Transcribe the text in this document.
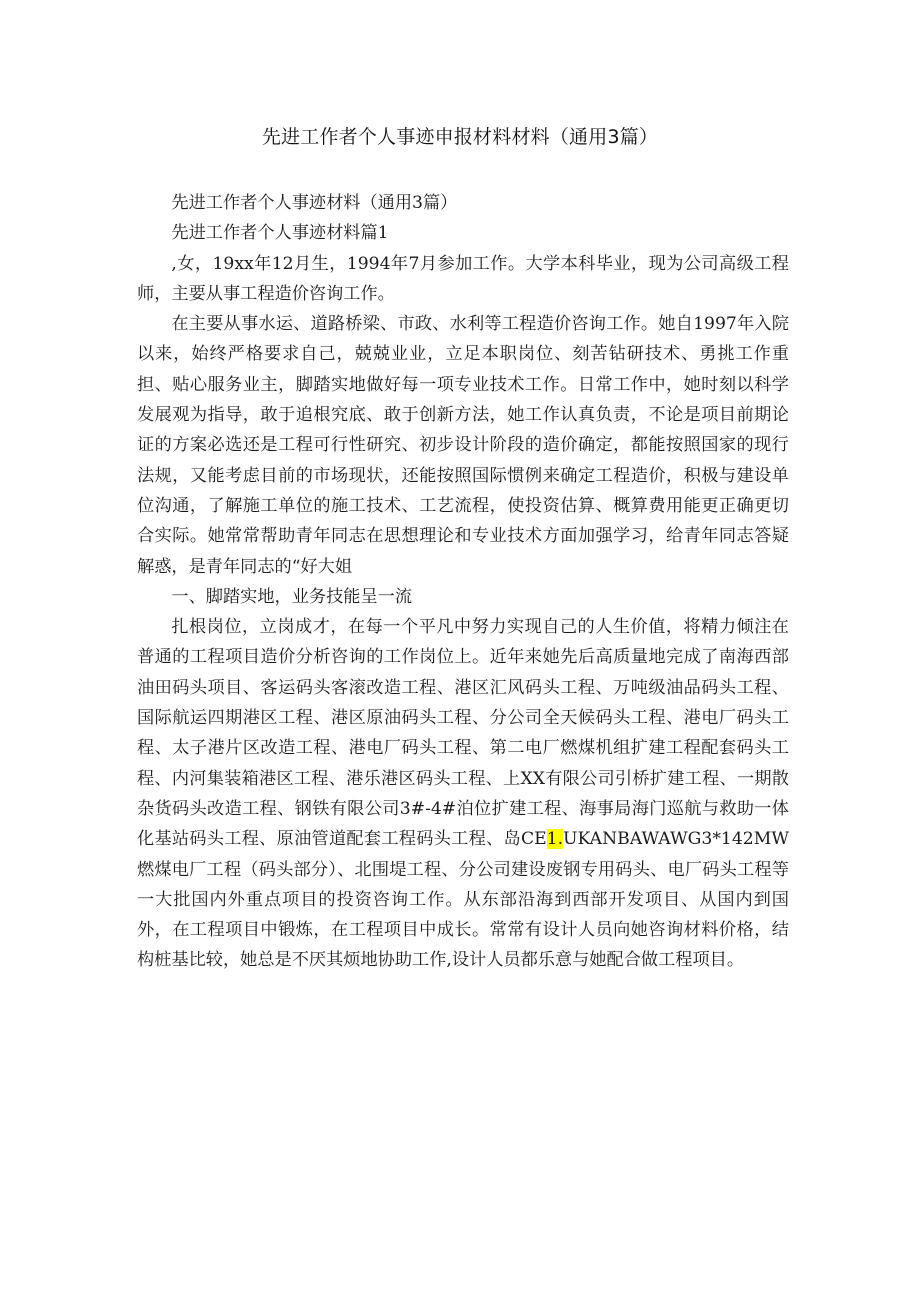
先进工作者个人事迹申报材料材料（通用3篇）

先进工作者个人事迹材料（通用3篇）

先进工作者个人事迹材料篇1

,女，19xx年12月生，1994年7月参加工作。大学本科毕业，现为公司高级工程师，主要从事工程造价咨询工作。

在主要从事水运、道路桥梁、市政、水利等工程造价咨询工作。她自1997年入院以来，始终严格要求自己，兢兢业业，立足本职岗位、刻苦钻研技术、勇挑工作重担、贴心服务业主，脚踏实地做好每一项专业技术工作。日常工作中，她时刻以科学发展观为指导，敢于追根究底、敢于创新方法，她工作认真负责，不论是项目前期论证的方案必选还是工程可行性研究、初步设计阶段的造价确定，都能按照国家的现行法规，又能考虑目前的市场现状，还能按照国际惯例来确定工程造价，积极与建设单位沟通，了解施工单位的施工技术、工艺流程，使投资估算、概算费用能更正确更切合实际。她常常帮助青年同志在思想理论和专业技术方面加强学习，给青年同志答疑解惑，是青年同志的“好大姐

一、脚踏实地，业务技能呈一流

扎根岗位，立岗成才，在每一个平凡中努力实现自己的人生价值，将精力倾注在普通的工程项目造价分析咨询的工作岗位上。近年来她先后高质量地完成了南海西部油田码头项目、客运码头客滚改造工程、港区汇风码头工程、万吨级油品码头工程、国际航运四期港区工程、港区原油码头工程、分公司全天候码头工程、港电厂码头工程、太子港片区改造工程、港电厂码头工程、第二电厂燃煤机组扩建工程配套码头工程、内河集装箱港区工程、港乐港区码头工程、上XX有限公司引桥扩建工程、一期散杂货码头改造工程、钢铁有限公司3#-4#泊位扩建工程、海事局海门巡航与救助一体化基站码头工程、原油管道配套工程码头工程、岛CE1.UKANBAWAWG3*142MW燃煤电厂工程（码头部分）、北围堤工程、分公司建设废钢专用码头、电厂码头工程等一大批国内外重点项目的投资咨询工作。从东部沿海到西部开发项目、从国内到国外，在工程项目中锻炼，在工程项目中成长。常常有设计人员向她咨询材料价格，结构桩基比较，她总是不厌其烦地协助工作,设计人员都乐意与她配合做工程项目。
